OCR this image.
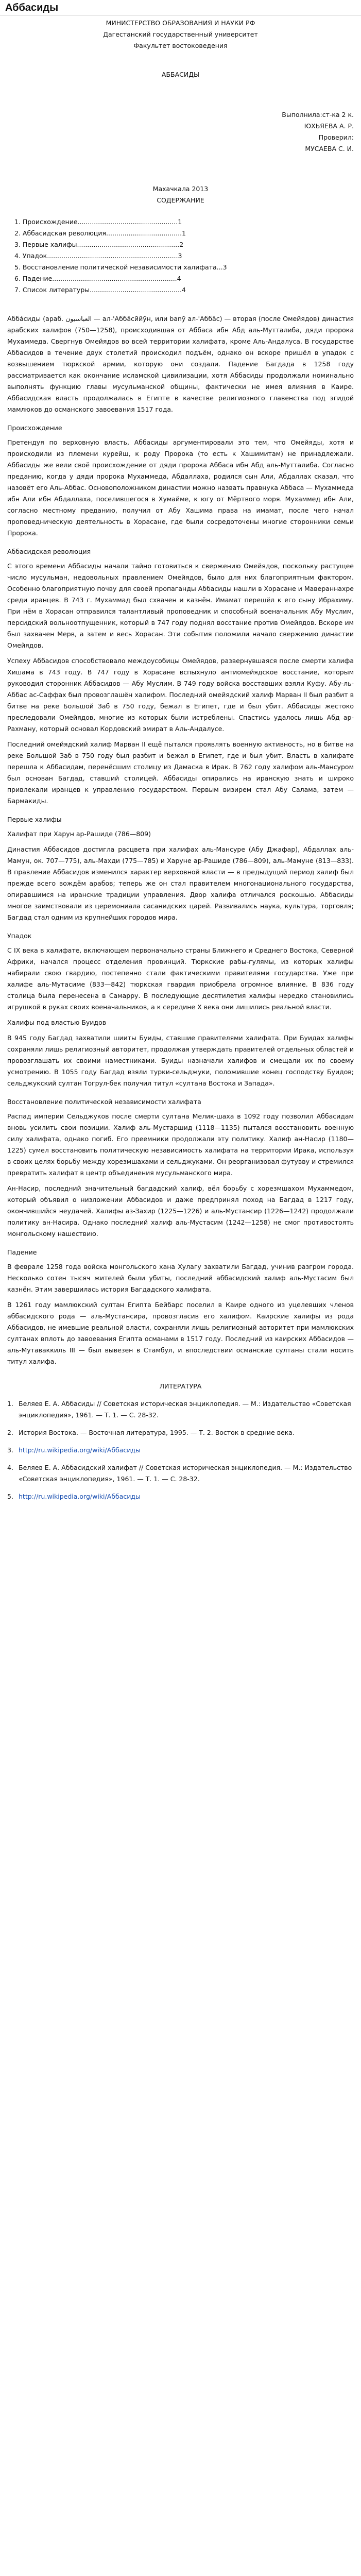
Аббасиды
МИНИСТЕРСТВО ОБРАЗОВАНИЯ И НАУКИ РФ
Дагестанский государственный университет
Факультет востоковедения
АББАСИДЫ
Выполнила:ст-ка 2 к.
ЮХЬЯЕВА А. Р.
Проверил:
МУСАЕВА С. И.
Махачкала 2013
СОДЕРЖАНИЕ
1. Происхождение.................................................1
2. Аббасидская революция.....................................1
3. Первые халифы..................................................2
4. Упадок................................................................3
5. Восстановление политической независимости халифата...3
6. Падение.............................................................4
7. Список литературы.............................................4

Абба́сиды (араб. العباسيون‎ — ал-'Аббāсӣйӯн, или banӯ ал-'Аббāс) — вторая (после Омейядов) династия арабских халифов (750—1258), происходившая от Аббаса ибн Абд аль-Мутталиба, дяди пророка Мухаммеда. Свергнув Омейядов во всей территории халифата, кроме Аль-Андалуса. В государстве Аббасидов в течение двух столетий происходил подъём, однако он вскоре пришёл в упадок с возвышением тюркской армии, которую они создали. Падение Багдада в 1258 году рассматривается как окончание исламской цивилизации, хотя Аббасиды продолжали номинально выполнять функцию главы мусульманской общины, фактически не имея влияния в Каире. Аббасидская власть продолжалась в Египте в качестве религиозного главенства под эгидой мамлюков до османского завоевания 1517 года.

Происхождение

Претендуя по верховную власть, Аббасиды аргументировали это тем, что Омейяды, хотя и происходили из племени курейш, к роду Пророка (то есть к Хашимитам) не принадлежали. Аббасиды же вели своё происхождение от дяди пророка Аббаса ибн Абд аль-Мутталиба. Согласно преданию, когда у дяди пророка Мухаммеда, Абдаллаха, родился сын Али, Абдаллах сказал, что назовёт его Аль-Аббас. Основоположником династии можно назвать правнука Аббаса — Мухаммеда ибн Али ибн Абдаллаха, поселившегося в Хумайме, к югу от Мёртвого моря. Мухаммед ибн Али, согласно местному преданию, получил от Абу Хашима права на имамат, после чего начал проповедническую деятельность в Хорасане, где были сосредоточены многие сторонники семьи Пророка.

Аббасидская революция

С этого времени Аббасиды начали тайно готовиться к свержению Омейядов, поскольку растущее число мусульман, недовольных правлением Омейядов, было для них благоприятным фактором. Особенно благоприятную почву для своей пропаганды Аббасиды нашли в Хорасане и Мавераннахре среди иранцев. В 743 г. Мухаммад был схвачен и казнён. Имамат перешёл к его сыну Ибрахиму. При нём в Хорасан отправился талантливый проповедник и способный военачальник Абу Муслим, персидский вольноотпущенник, который в 747 году поднял восстание против Омейядов. Вскоре им был захвачен Мерв, а затем и весь Хорасан. Эти события положили начало свержению династии Омейядов.

Успеху Аббасидов способствовало междоусобицы Омейядов, развернувшаяся после смерти халифа Хишама в 743 году. В 747 году в Хорасане вспыхнуло антиомейядское восстание, которым руководил сторонник Аббасидов — Абу Муслим. В 749 году войска восставших взяли Куфу. Абу-ль-Аббас ас-Саффах был провозглашён халифом. Последний омейядский халиф Марван II был разбит в битве на реке Большой Заб в 750 году, бежал в Египет, где и был убит. Аббасиды жестоко преследовали Омейядов, многие из которых были истреблены. Спастись удалось лишь Абд ар-Рахману, который основал Кордовский эмират в Аль-Андалусе.

Последний омейядский халиф Марван II ещё пытался проявлять военную активность, но в битве на реке Большой Заб в 750 году был разбит и бежал в Египет, где и был убит. Власть в халифате перешла к Аббасидам, перенёсшим столицу из Дамаска в Ирак. В 762 году халифом аль-Мансуром был основан Багдад, ставший столицей. Аббасиды опирались на иранскую знать и широко привлекали иранцев к управлению государством. Первым визирем стал Абу Салама, затем — Бармакиды.

Первые халифы

Халифат при Харун ар-Рашиде (786—809)

Династия Аббасидов достигла расцвета при халифах аль-Мансуре (Абу Джафар), Абдаллах аль-Мамун, ок. 707—775), аль-Махди (775—785) и Харуне ар-Рашиде (786—809), аль-Мамуне (813—833). В правление Аббасидов изменился характер верховной власти — в предыдущий период халиф был прежде всего вождём арабов; теперь же он стал правителем многонационального государства, опиравшимся на иранские традиции управления. Двор халифа отличался роскошью. Аббасиды многое заимствовали из церемониала сасанидских царей. Развивались наука, культура, торговля; Багдад стал одним из крупнейших городов мира.

Упадок

С IX века в халифате, включающем первоначально страны Ближнего и Среднего Востока, Северной Африки, начался процесс отделения провинций. Тюркские рабы-гулямы, из которых халифы набирали свою гвардию, постепенно стали фактическими правителями государства. Уже при халифе аль-Мутасиме (833—842) тюркская гвардия приобрела огромное влияние. В 836 году столица была перенесена в Самарру. В последующие десятилетия халифы нередко становились игрушкой в руках своих военачальников, а к середине X века они лишились реальной власти.

Халифы под властью Буидов

В 945 году Багдад захватили шииты Буиды, ставшие правителями халифата. При Буидах халифы сохраняли лишь религиозный авторитет, продолжая утверждать правителей отдельных областей и провозглашать их своими наместниками. Буиды назначали халифов и смещали их по своему усмотрению. В 1055 году Багдад взяли турки-сельджуки, положившие конец господству Буидов; сельджукский султан Тогрул-бек получил титул «султана Востока и Запада».

Восстановление политической независимости халифата

Распад империи Сельджуков после смерти султана Мелик-шаха в 1092 году позволил Аббасидам вновь усилить свои позиции. Халиф аль-Мустаршид (1118—1135) пытался восстановить военную силу халифата, однако погиб. Его преемники продолжали эту политику. Халиф ан-Насир (1180—1225) сумел восстановить политическую независимость халифата на территории Ирака, используя в своих целях борьбу между хорезмшахами и сельджуками. Он реорганизовал футувву и стремился превратить халифат в центр объединения мусульманского мира.

Ан-Насир, последний значительный багдадский халиф, вёл борьбу с хорезмшахом Мухаммедом, который объявил о низложении Аббасидов и даже предпринял поход на Багдад в 1217 году, окончившийся неудачей. Халифы аз-Захир (1225—1226) и аль-Мустансир (1226—1242) продолжали политику ан-Насира. Однако последний халиф аль-Мустасим (1242—1258) не смог противостоять монгольскому нашествию.

Падение

В феврале 1258 года войска монгольского хана Хулагу захватили Багдад, учинив разгром города. Несколько сотен тысяч жителей были убиты, последний аббасидский халиф аль-Мустасим был казнён. Этим завершилась история Багдадского халифата.

В 1261 году мамлюкский султан Египта Бейбарс поселил в Каире одного из уцелевших членов аббасидского рода — аль-Мустансира, провозгласив его халифом. Каирские халифы из рода Аббасидов, не имевшие реальной власти, сохраняли лишь религиозный авторитет при мамлюкских султанах вплоть до завоевания Египта османами в 1517 году. Последний из каирских Аббасидов — аль-Мутаваккиль III — был вывезен в Стамбул, и впоследствии османские султаны стали носить титул халифа.

ЛИТЕРАТУРА
1. Беляев Е. А. Аббасиды // Советская историческая энциклопедия. — М.: Издательство «Советская энциклопедия», 1961. — Т. 1. — С. 28-32.
2. История Востока. — Восточная литература, 1995. — Т. 2. Восток в средние века.
3. http://ru.wikipedia.org/wiki/Аббасиды
4. Беляев Е. А. Аббасидский халифат // Советская историческая энциклопедия. — М.: Издательство «Советская энциклопедия», 1961. — Т. 1. — С. 28-32.
5. http://ru.wikipedia.org/wiki/Аббасиды
